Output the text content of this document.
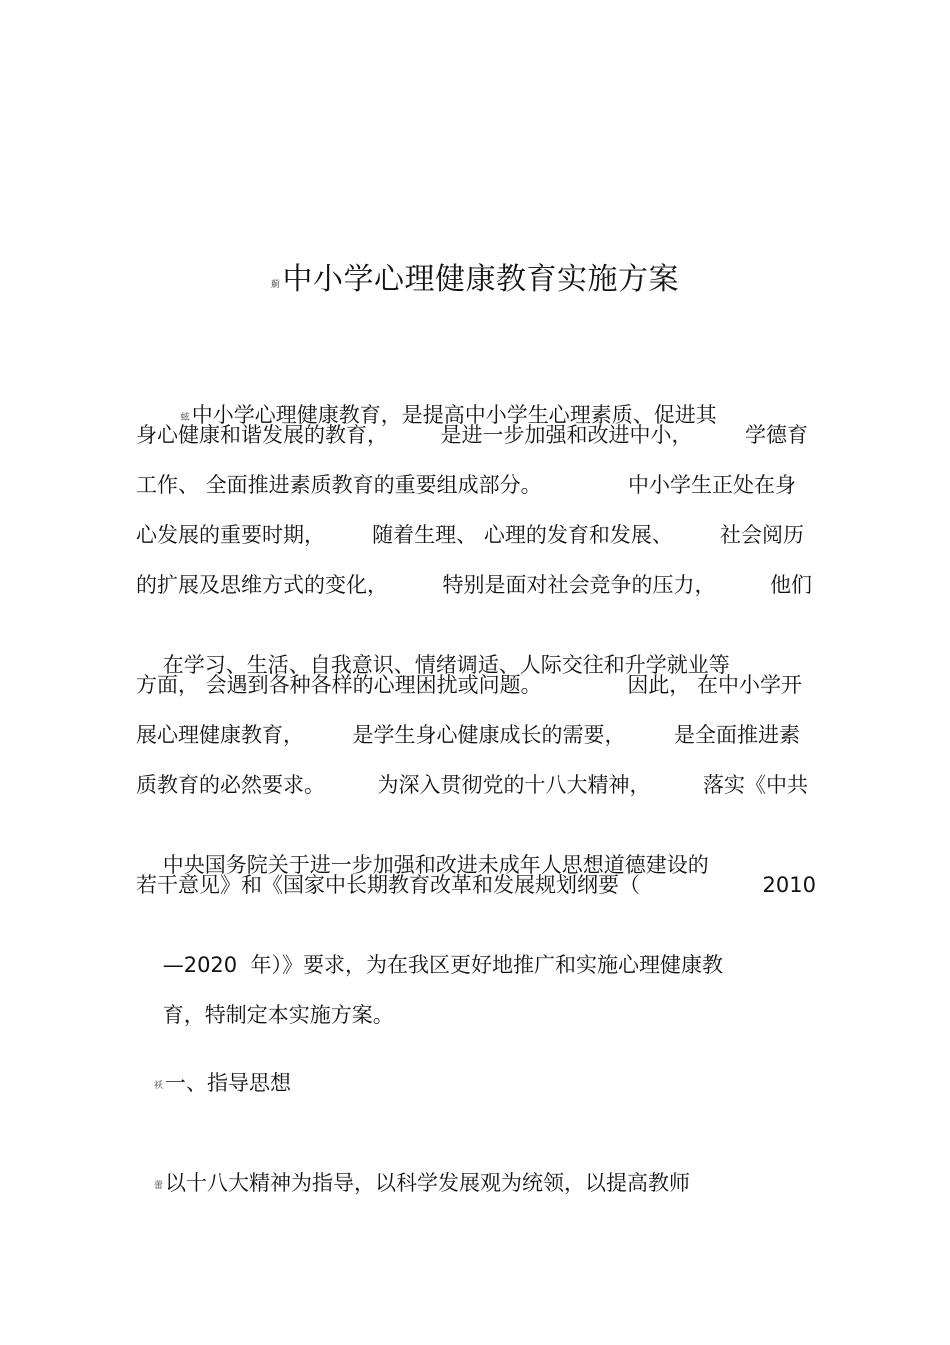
薊中小学心理健康教育实施方案

蚿中小学心理健康教育，是提高中小学生心理素质、促进其

身心健康和谐发展的教育，	是进一步加强和改进中小，	学德育
工作、 全面推进素质教育的重要组成部分。	中小学生正处在身
心发展的重要时期， 随着生理、 心理的发育和发展、 社会阅历
的扩展及思维方式的变化，	特别是面对社会竞争的压力，	他们

在学习、生活、自我意识、情绪调适、人际交往和升学就业等

方面， 会遇到各种各样的心理困扰或问题。	因此， 在中小学开
展心理健康教育， 是学生身心健康成长的需要， 是全面推进素
质教育的必然要求。	为深入贯彻党的十八大精神，	落实《中共

中央国务院关于进一步加强和改进未成年人思想道德建设的

若干意见》和《国家中长期教育改革和发展规划纲要（	2010

—2020  年）》要求，为在我区更好地推广和实施心理健康教

育，特制定本实施方案。

袄一、指导思想
蕾以十八大精神为指导，以科学发展观为统领，以提高教师
